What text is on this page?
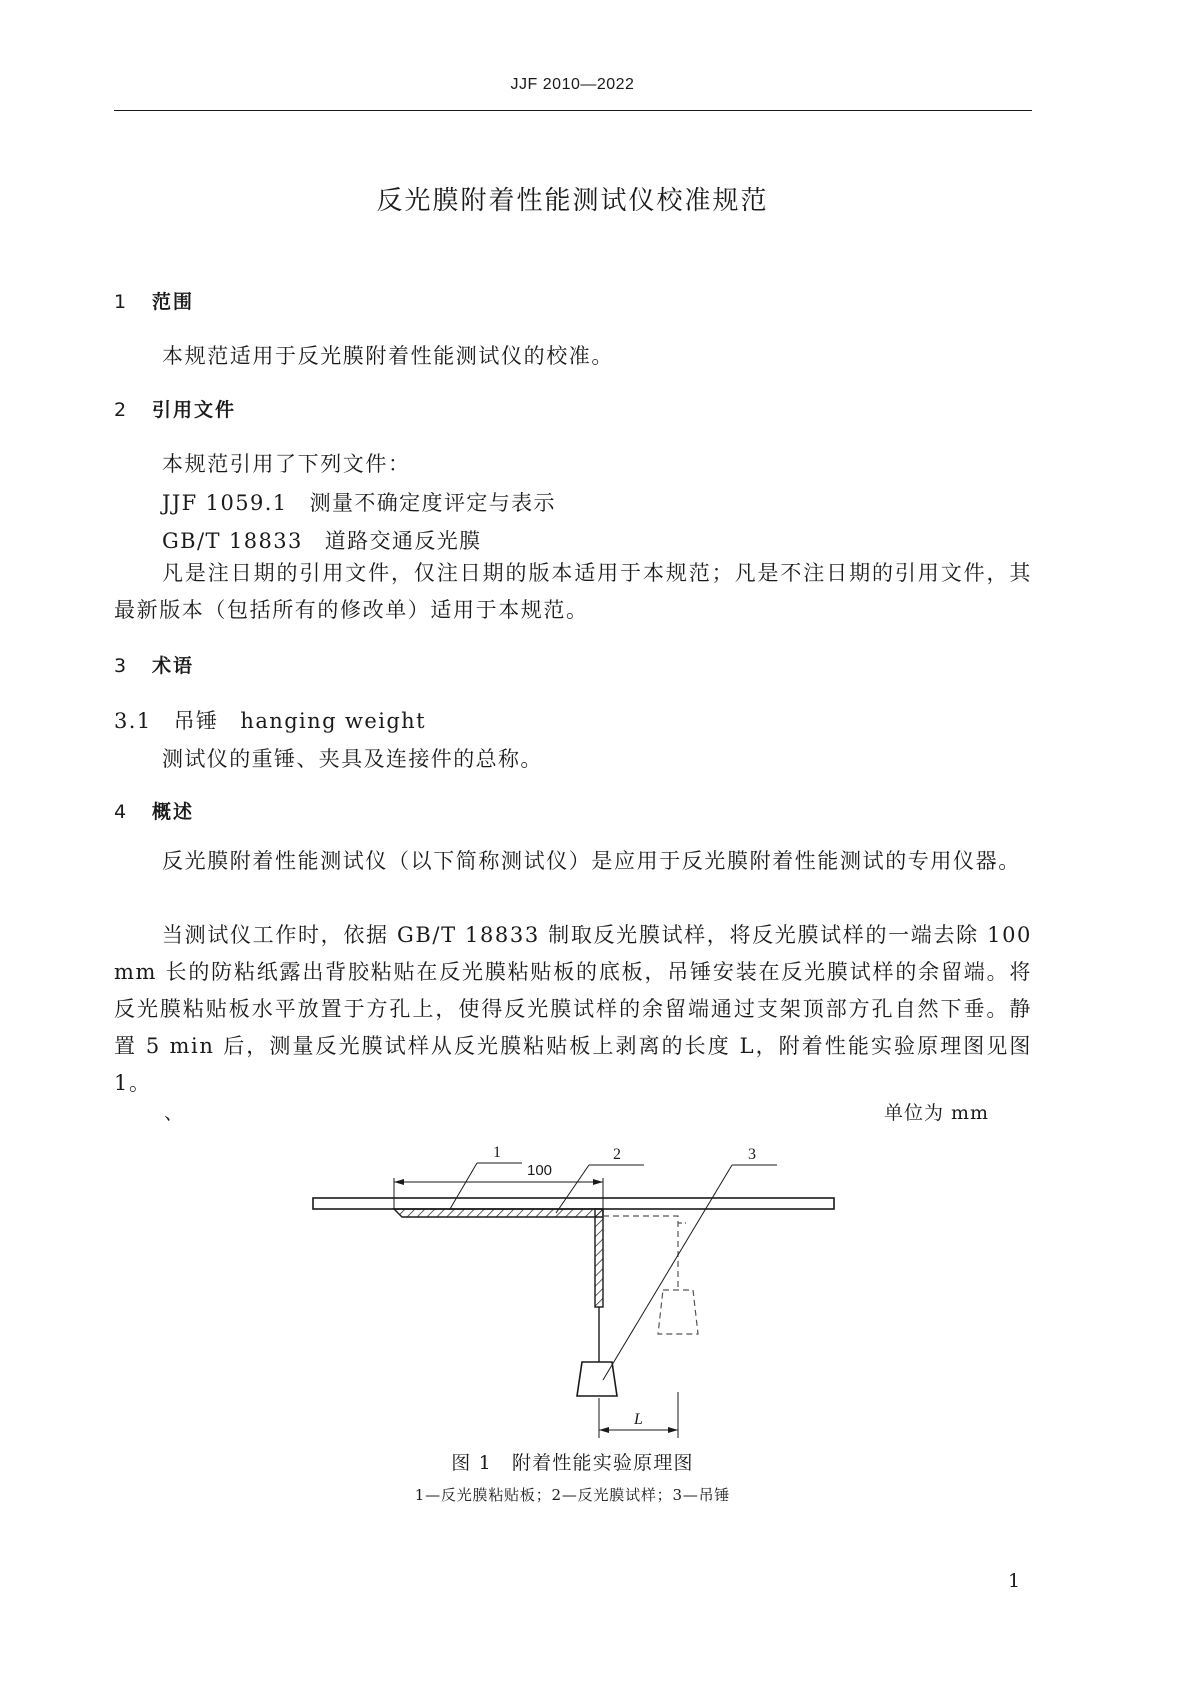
JJF 2010—2022
反光膜附着性能测试仪校准规范
1 范围
本规范适用于反光膜附着性能测试仪的校准。
2 引用文件
本规范引用了下列文件：
JJF 1059.1 测量不确定度评定与表示
GB/T 18833 道路交通反光膜
凡是注日期的引用文件，仅注日期的版本适用于本规范；凡是不注日期的引用文件，其最新版本（包括所有的修改单）适用于本规范。
3 术语
3.1 吊锤 hanging weight
测试仪的重锤、夹具及连接件的总称。
4 概述
反光膜附着性能测试仪（以下简称测试仪）是应用于反光膜附着性能测试的专用仪器。
当测试仪工作时，依据 GB/T 18833 制取反光膜试样，将反光膜试样的一端去除 100 mm 长的防粘纸露出背胶粘贴在反光膜粘贴板的底板，吊锤安装在反光膜试样的余留端。将反光膜粘贴板水平放置于方孔上，使得反光膜试样的余留端通过支架顶部方孔自然下垂。静置 5 min 后，测量反光膜试样从反光膜粘贴板上剥离的长度 L，附着性能实验原理图见图 1。
、	单位为 mm
1	2	3
100
L
图 1 附着性能实验原理图
1—反光膜粘贴板；2—反光膜试样；3—吊锤
1
